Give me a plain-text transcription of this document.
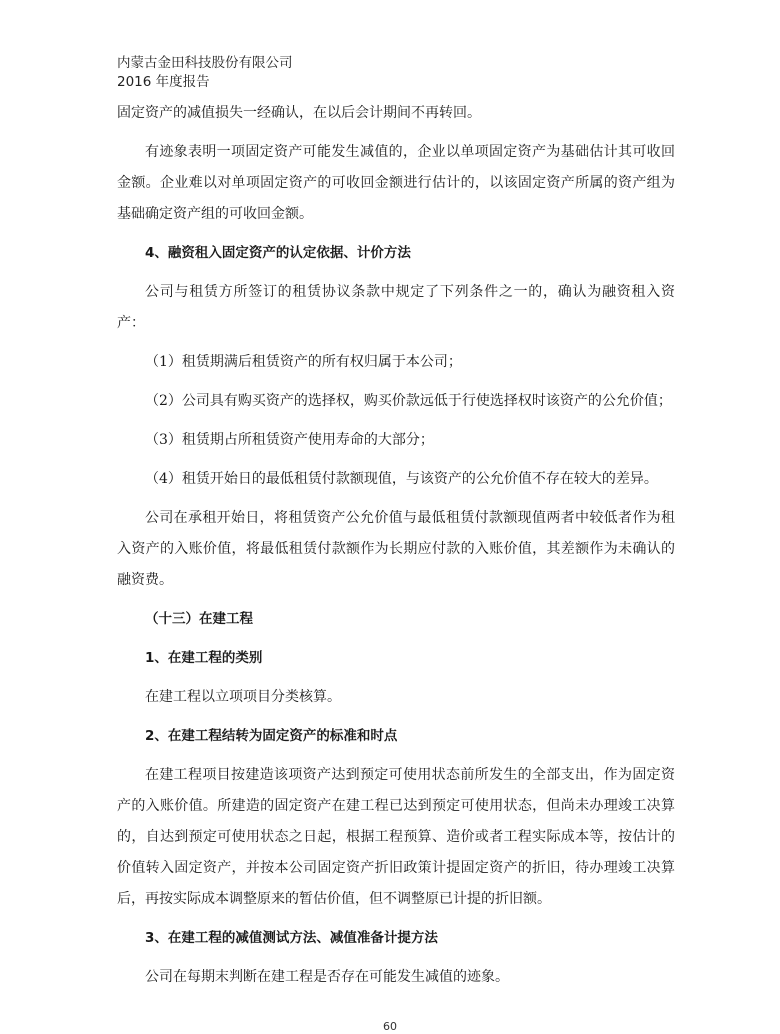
内蒙古金田科技股份有限公司
2016 年度报告

固定资产的减值损失一经确认，在以后会计期间不再转回。

有迹象表明一项固定资产可能发生减值的，企业以单项固定资产为基础估计其可收回金额。企业难以对单项固定资产的可收回金额进行估计的，以该固定资产所属的资产组为基础确定资产组的可收回金额。

4、融资租入固定资产的认定依据、计价方法

公司与租赁方所签订的租赁协议条款中规定了下列条件之一的，确认为融资租入资产：

（1）租赁期满后租赁资产的所有权归属于本公司；

（2）公司具有购买资产的选择权，购买价款远低于行使选择权时该资产的公允价值；

（3）租赁期占所租赁资产使用寿命的大部分；

（4）租赁开始日的最低租赁付款额现值，与该资产的公允价值不存在较大的差异。

公司在承租开始日，将租赁资产公允价值与最低租赁付款额现值两者中较低者作为租入资产的入账价值，将最低租赁付款额作为长期应付款的入账价值，其差额作为未确认的融资费。

（十三）在建工程

1、在建工程的类别

在建工程以立项项目分类核算。

2、在建工程结转为固定资产的标准和时点

在建工程项目按建造该项资产达到预定可使用状态前所发生的全部支出，作为固定资产的入账价值。所建造的固定资产在建工程已达到预定可使用状态，但尚未办理竣工决算的，自达到预定可使用状态之日起，根据工程预算、造价或者工程实际成本等，按估计的价值转入固定资产，并按本公司固定资产折旧政策计提固定资产的折旧，待办理竣工决算后，再按实际成本调整原来的暂估价值，但不调整原已计提的折旧额。

3、在建工程的减值测试方法、减值准备计提方法

公司在每期末判断在建工程是否存在可能发生减值的迹象。

60
